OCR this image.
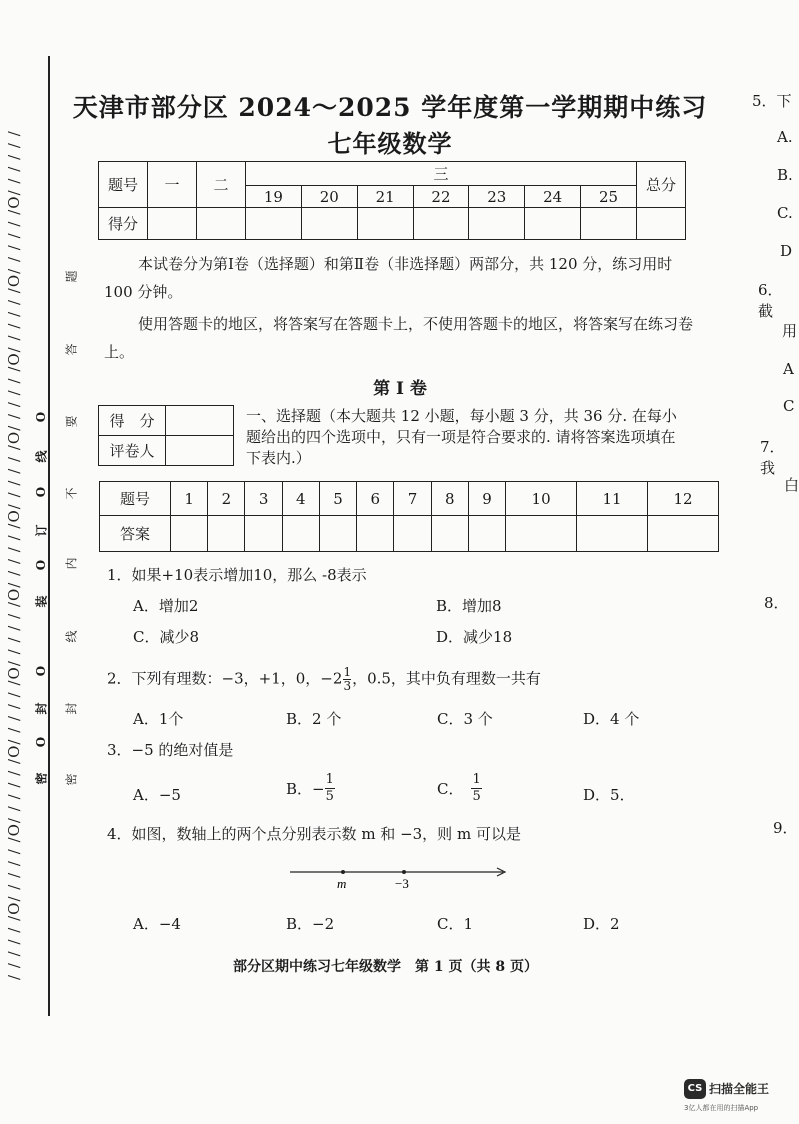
/ / / / / /O/ / / / / /O/ / / / / /O/ / / / / /O/ / / / / /O/ / / / / /O/ / / / / /O/ / / / / /O/ / / / / /O/ / / / / /O/ / / / / / 密
O
封
O
装
O
订
O
线
O
密
封
线
内
不
要
答
题
天津市部分区 2024～2025 学年度第一学期期中练习
七年级数学
题号	一	二	三							总分
			19	20	21	22	23	24	25	
得分										
本试卷分为第Ⅰ卷（选择题）和第Ⅱ卷（非选择题）两部分，共 120 分，练习用时 100 分钟。
使用答题卡的地区，将答案写在答题卡上，不使用答题卡的地区，将答案写在练习卷上。
第 Ⅰ 卷
得　分	
评卷人	
一、选择题（本大题共 12 小题，每小题 3 分，共 36 分. 在每小题给出的四个选项中，只有一项是符合要求的. 请将答案选项填在下表内.）
题号	1	2	3	4	5	6	7	8	9	10	11	12
答案												
1．如果+10表示增加10，那么 -8表示
A．增加2	B．增加8
C．减少8	D．减少18
2．下列有理数：−3，+1，0，$-2 \frac{1}{3}$ ，0.5，其中负有理数一共有
A．1个	B．2 个	C．3 个	D．4 个
3．−5 的绝对值是
A．−5	B．− $\frac{1}{5}$	C． $\frac{1}{5}$	D．5．
4．如图，数轴上的两个点分别表示数 m 和 −3，则 m 可以是
m	−3
A．−4	B．−2	C．1	D．2
部分区期中练习七年级数学　第 1 页（共 8 页）
5．下
A.
B.
C.
D
6．截
用
A
C
7．我
白
8．
9．
CS 扫描全能王
3亿人都在用的扫描App
